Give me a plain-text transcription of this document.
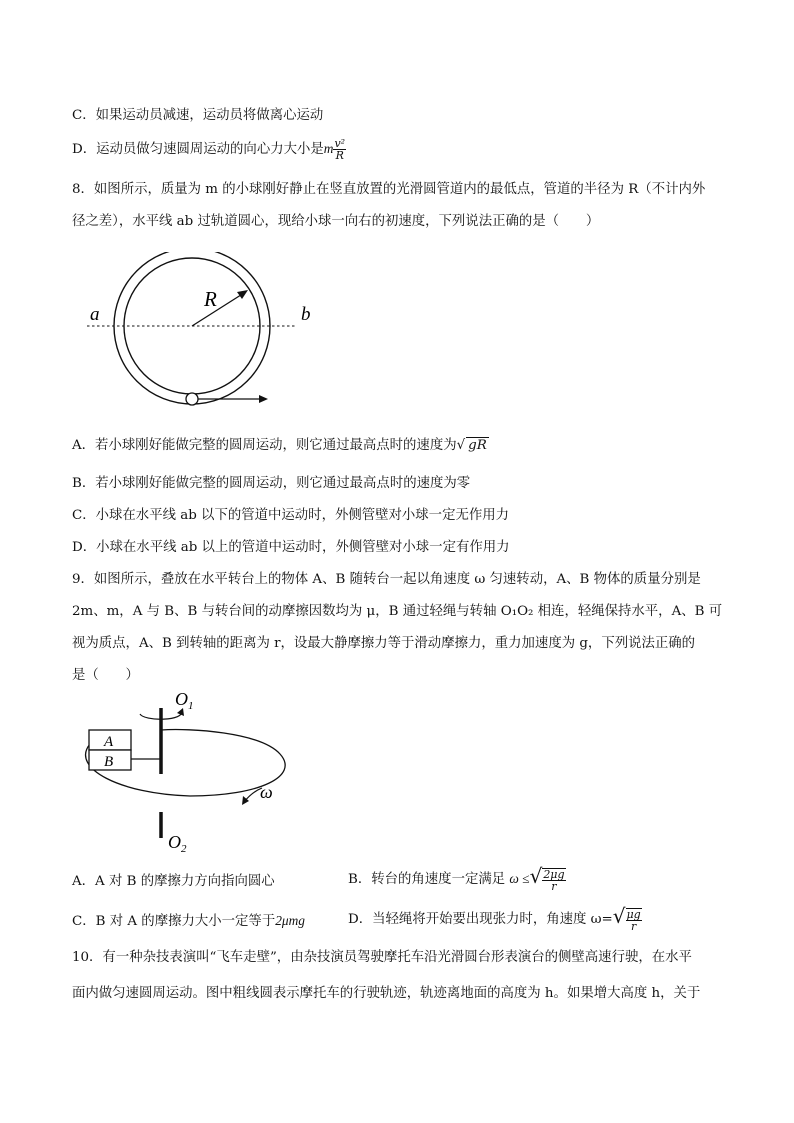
C．如果运动员减速，运动员将做离心运动
D．运动员做匀速圆周运动的向心力大小是m $\frac{\text{v²}}{R}$
8．如图所示，质量为 m 的小球刚好静止在竖直放置的光滑圆管道内的最低点，管道的半径为 R（不计内外
径之差），水平线 ab 过轨道圆心，现给小球一向右的初速度，下列说法正确的是（　　）
R
a	b
A．若小球刚好能做完整的圆周运动，则它通过最高点时的速度为√ gR
B．若小球刚好能做完整的圆周运动，则它通过最高点时的速度为零
C．小球在水平线 ab 以下的管道中运动时，外侧管壁对小球一定无作用力
D．小球在水平线 ab 以上的管道中运动时，外侧管壁对小球一定有作用力
9．如图所示，叠放在水平转台上的物体 A、B 随转台一起以角速度 ω 匀速转动，A、B 物体的质量分别是
2m、m，A 与 B、B 与转台间的动摩擦因数均为 μ，B 通过轻绳与转轴 O₁O₂ 相连，轻绳保持水平，A、B 可
视为质点，A、B 到转轴的距离为 r，设最大静摩擦力等于滑动摩擦力，重力加速度为 g，下列说法正确的
是（　　）
$O_1$
A
B
ω
$O_2$
A．A 对 B 的摩擦力方向指向圆心	B．转台的角速度一定满足 ω ≤√ $\frac{2\mu g}{r}$
C．B 对 A 的摩擦力大小一定等于2μmg	D．当轻绳将开始要出现张力时，角速度 $\omega=√ \frac{\mu g}{r}$
10．有一种杂技表演叫“飞车走壁”，由杂技演员驾驶摩托车沿光滑圆台形表演台的侧壁高速行驶，在水平
面内做匀速圆周运动。图中粗线圆表示摩托车的行驶轨迹，轨迹离地面的高度为 h。如果增大高度 h，关于
